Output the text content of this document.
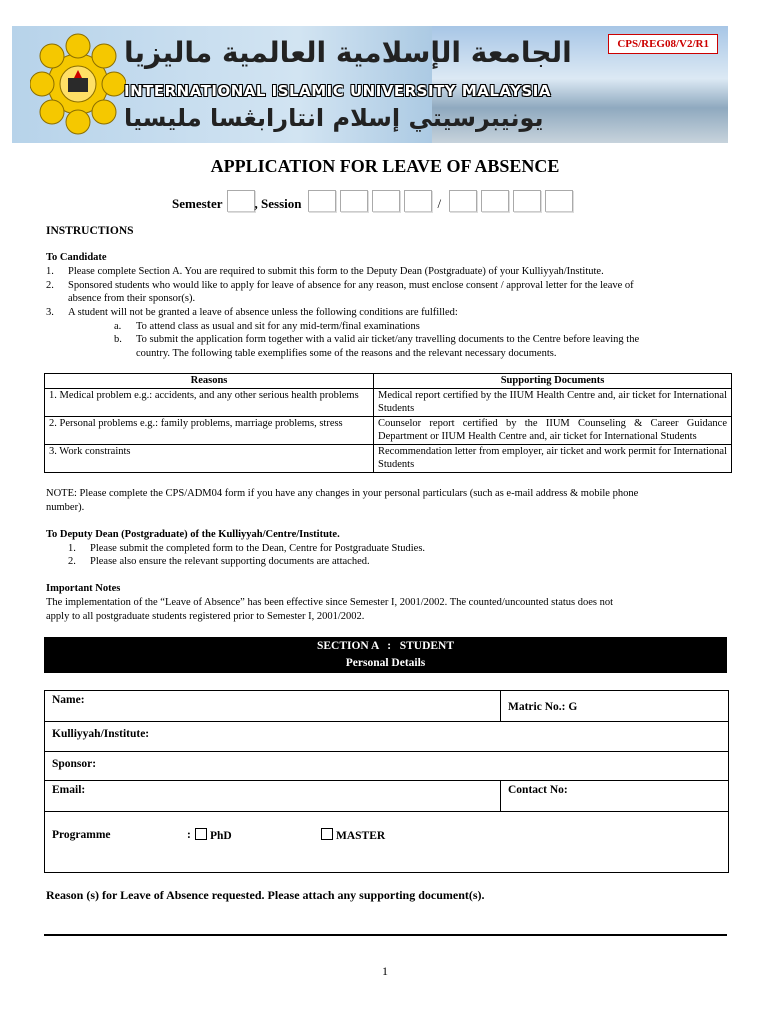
الجامعة الإسلامية العالمية ماليزيا
INTERNATIONAL ISLAMIC UNIVERSITY MALAYSIA
يونيبرسيتي إسلام انتارابڠسا مليسيا
CPS/REG08/V2/R1
APPLICATION FOR LEAVE OF ABSENCE
Semester , Session	/
INSTRUCTIONS
To Candidate
1. Please complete Section A. You are required to submit this form to the Deputy Dean (Postgraduate) of your Kulliyyah/Institute.
2. Sponsored students who would like to apply for leave of absence for any reason, must enclose consent / approval letter for the leave of
absence from their sponsor(s).
3. A student will not be granted a leave of absence unless the following conditions are fulfilled:
a. To attend class as usual and sit for any mid-term/final examinations
b. To submit the application form together with a valid air ticket/any travelling documents to the Centre before leaving the
country. The following table exemplifies some of the reasons and the relevant necessary documents.
Reasons	Supporting Documents
1. Medical problem e.g.: accidents, and any other serious health problems	Medical report certified by the IIUM Health Centre and, air ticket for International Students
2. Personal problems e.g.: family problems, marriage problems, stress	Counselor report certified by the IIUM Counseling & Career Guidance Department or IIUM Health Centre and, air ticket for International Students
3. Work constraints	Recommendation letter from employer, air ticket and work permit for International Students
NOTE: Please complete the CPS/ADM04 form if you have any changes in your personal particulars (such as e-mail address & mobile phone
number).
To Deputy Dean (Postgraduate) of the Kulliyyah/Centre/Institute.
1. Please submit the completed form to the Dean, Centre for Postgraduate Studies.
2. Please also ensure the relevant supporting documents are attached.
Important Notes
The implementation of the “Leave of Absence” has been effective since Semester I, 2001/2002. The counted/uncounted status does not
apply to all postgraduate students registered prior to Semester I, 2001/2002.
SECTION A   :   STUDENT
Personal Details
Name:
Matric No.: G
Kulliyyah/Institute:
Sponsor:
Email:	Contact No:
Programme	:	PhD	MASTER
Reason (s) for Leave of Absence requested. Please attach any supporting document(s).
1
